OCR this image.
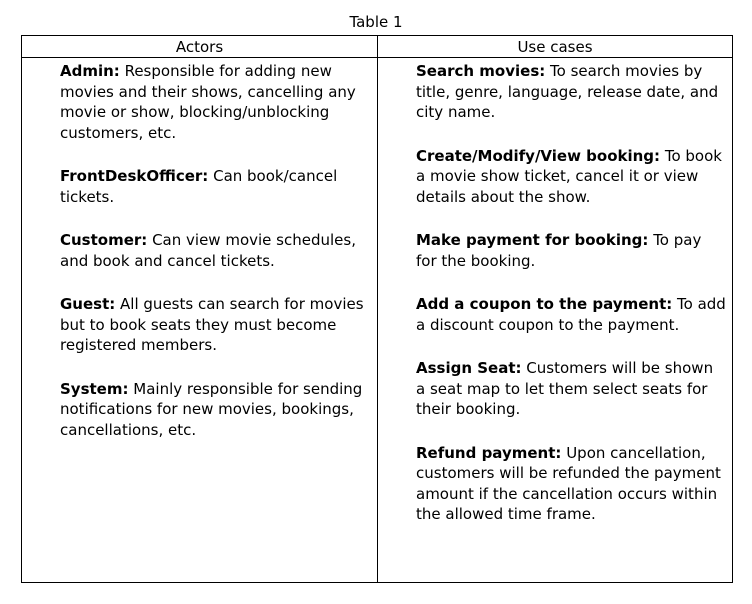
Table 1
Actors	Use cases
Admin: Responsible for adding new movies and their shows, cancelling any movie or show, blocking/unblocking customers, etc.
FrontDeskOfficer: Can book/cancel tickets.
Customer: Can view movie schedules, and book and cancel tickets.
Guest: All guests can search for movies but to book seats they must become registered members.
System: Mainly responsible for sending notifications for new movies, bookings, cancellations, etc.
Search movies: To search movies by title, genre, language, release date, and city name.
Create/Modify/View booking: To book a movie show ticket, cancel it or view details about the show.
Make payment for booking: To pay for the booking.
Add a coupon to the payment: To add a discount coupon to the payment.
Assign Seat: Customers will be shown a seat map to let them select seats for their booking.
Refund payment: Upon cancellation, customers will be refunded the payment amount if the cancellation occurs within the allowed time frame.
